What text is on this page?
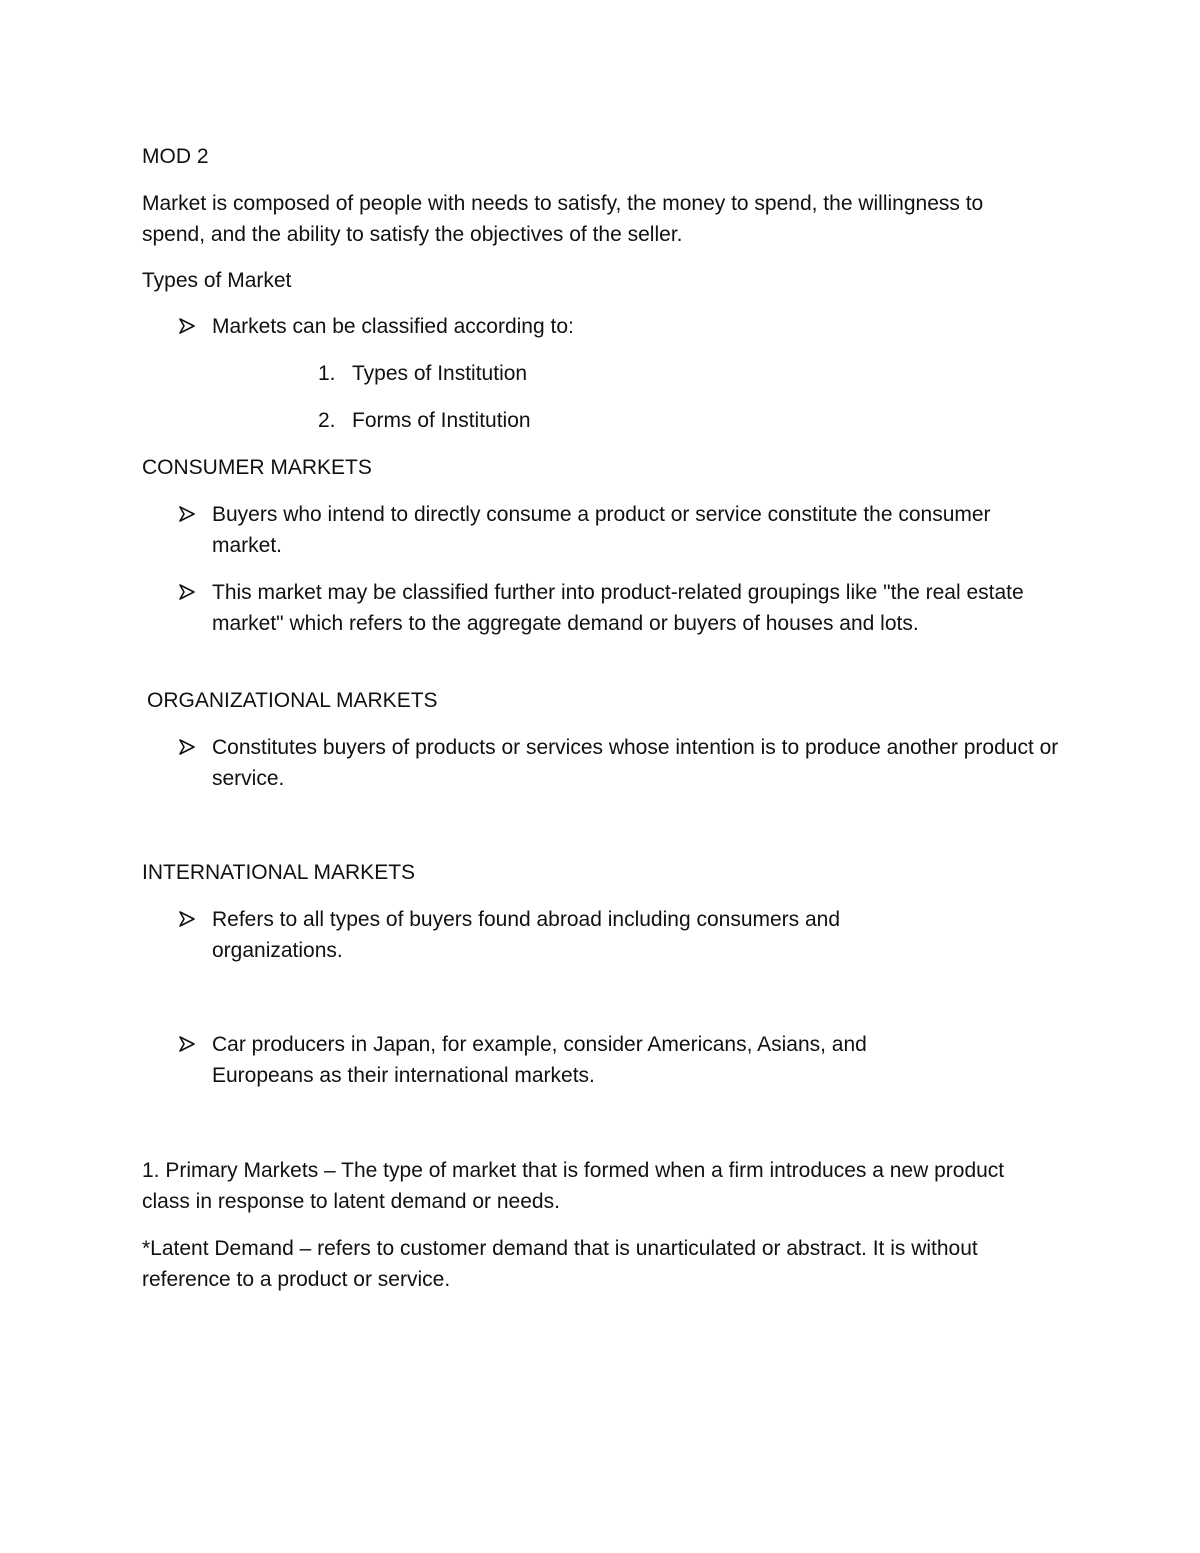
MOD 2

Market is composed of people with needs to satisfy, the money to spend, the willingness to spend, and the ability to satisfy the objectives of the seller.

Types of Market
Markets can be classified according to:
1. Types of Institution
2. Forms of Institution
CONSUMER MARKETS

Buyers who intend to directly consume a product or service constitute the consumer market.

This market may be classified further into product-related groupings like "the real estate market" which refers to the aggregate demand or buyers of houses and lots.

ORGANIZATIONAL MARKETS

Constitutes buyers of products or services whose intention is to produce another product or service.

INTERNATIONAL MARKETS

Refers to all types of buyers found abroad including consumers and organizations.

Car producers in Japan, for example, consider Americans, Asians, and Europeans as their international markets.

1. Primary Markets – The type of market that is formed when a firm introduces a new product class in response to latent demand or needs.

*Latent Demand – refers to customer demand that is unarticulated or abstract. It is without reference to a product or service.
